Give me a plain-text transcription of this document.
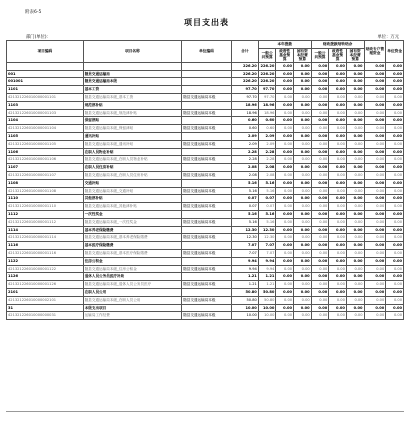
附表6-5
项目支出表
部门(单位)：	单位：万元
项目编码	项目名称	单位编码	合计	本年拨款			财政拨款结转结余			财政专户管理资金	单位资金
				一般公共预算	政府性基金预算	国有资本经营预算	一般公共预算	政府性基金预算	国有资本经营预算		
			226.20	226.20	0.00	0.00	0.00	0.00	0.00	0.00	0.00
001	随县交通运输局		226.20	226.20	0.00	0.00	0.00	0.00	0.00	0.00	0.00
001001	随县交通运输局本级		226.20	226.20	0.00	0.00	0.00	0.00	0.00	0.00	0.00
1101	基本工资		97.70	97.70	0.00	0.00	0.00	0.00	0.00	0.00	0.00
421321226010000001101	随县交通运输局本级_基本工资	随县交通运输局本级	97.70	97.70	0.00	0.00	0.00	0.00	0.00	0.00	0.00
1103	规范津补贴		18.96	18.96	0.00	0.00	0.00	0.00	0.00	0.00	0.00
421321226010000001103	随县交通运输局本级_规范津补贴	随县交通运输局本级	18.96	18.96	0.00	0.00	0.00	0.00	0.00	0.00	0.00
1104	保留津贴		0.60	0.60	0.00	0.00	0.00	0.00	0.00	0.00	0.00
421321226010000001104	随县交通运输局本级_保留津贴	随县交通运输局本级	0.60	0.60	0.00	0.00	0.00	0.00	0.00	0.00	0.00
1105	通讯补贴		2.09	2.09	0.00	0.00	0.00	0.00	0.00	0.00	0.00
421321226010000001105	随县交通运输局本级_通讯补贴	随县交通运输局本级	2.09	2.09	0.00	0.00	0.00	0.00	0.00	0.00	0.00
1106	在职人员物业补贴		2.28	2.28	0.00	0.00	0.00	0.00	0.00	0.00	0.00
421321226010000001106	随县交通运输局本级_在职人员物业补贴	随县交通运输局本级	2.28	2.28	0.00	0.00	0.00	0.00	0.00	0.00	0.00
1107	在职人员住房补贴		2.08	2.08	0.00	0.00	0.00	0.00	0.00	0.00	0.00
421321226010000001107	随县交通运输局本级_在职人员住房补贴	随县交通运输局本级	2.08	2.08	0.00	0.00	0.00	0.00	0.00	0.00	0.00
1108	交通补贴		5.16	5.16	0.00	0.00	0.00	0.00	0.00	0.00	0.00
421321226010000001108	随县交通运输局本级_交通补贴	随县交通运输局本级	5.16	5.16	0.00	0.00	0.00	0.00	0.00	0.00	0.00
1110	其他津补贴		0.07	0.07	0.00	0.00	0.00	0.00	0.00	0.00	0.00
421321226010000001110	随县交通运输局本级_其他津补贴	随县交通运输局本级	0.07	0.07	0.00	0.00	0.00	0.00	0.00	0.00	0.00
1112	一次性奖金		5.16	5.16	0.00	0.00	0.00	0.00	0.00	0.00	0.00
421321226010000001112	随县交通运输局本级_一次性奖金	随县交通运输局本级	5.16	5.16	0.00	0.00	0.00	0.00	0.00	0.00	0.00
1114	基本养老保险缴费		12.30	12.30	0.00	0.00	0.00	0.00	0.00	0.00	0.00
421321226010000001114	随县交通运输局本级_基本养老保险缴费	随县交通运输局本级	12.30	12.30	0.00	0.00	0.00	0.00	0.00	0.00	0.00
1116	基本医疗保险缴费		7.07	7.07	0.00	0.00	0.00	0.00	0.00	0.00	0.00
421321226010000001116	随县交通运输局本级_基本医疗保险缴费	随县交通运输局本级	7.07	7.07	0.00	0.00	0.00	0.00	0.00	0.00	0.00
1122	住房公积金		9.94	9.94	0.00	0.00	0.00	0.00	0.00	0.00	0.00
421321226010000001122	随县交通运输局本级_住房公积金	随县交通运输局本级	9.94	9.94	0.00	0.00	0.00	0.00	0.00	0.00	0.00
1126	退休人员公务员医疗补助		1.21	1.21	0.00	0.00	0.00	0.00	0.00	0.00	0.00
421321226010000001126	随县交通运输局本级_退休人员公务员医疗	随县交通运输局本级	1.21	1.21	0.00	0.00	0.00	0.00	0.00	0.00	0.00
2101	在职人员公用		50.80	50.80	0.00	0.00	0.00	0.00	0.00	0.00	0.00
421321226010000002101	随县交通运输局本级_在职人员公用	随县交通运输局本级	50.80	50.80	0.00	0.00	0.00	0.00	0.00	0.00	0.00
31	本级支出项目		10.00	10.00	0.00	0.00	0.00	0.00	0.00	0.00	0.00
421321226010000000031	运输局工作经费	随县交通运输局本级	10.00	10.00	0.00	0.00	0.00	0.00	0.00	0.00	0.00
